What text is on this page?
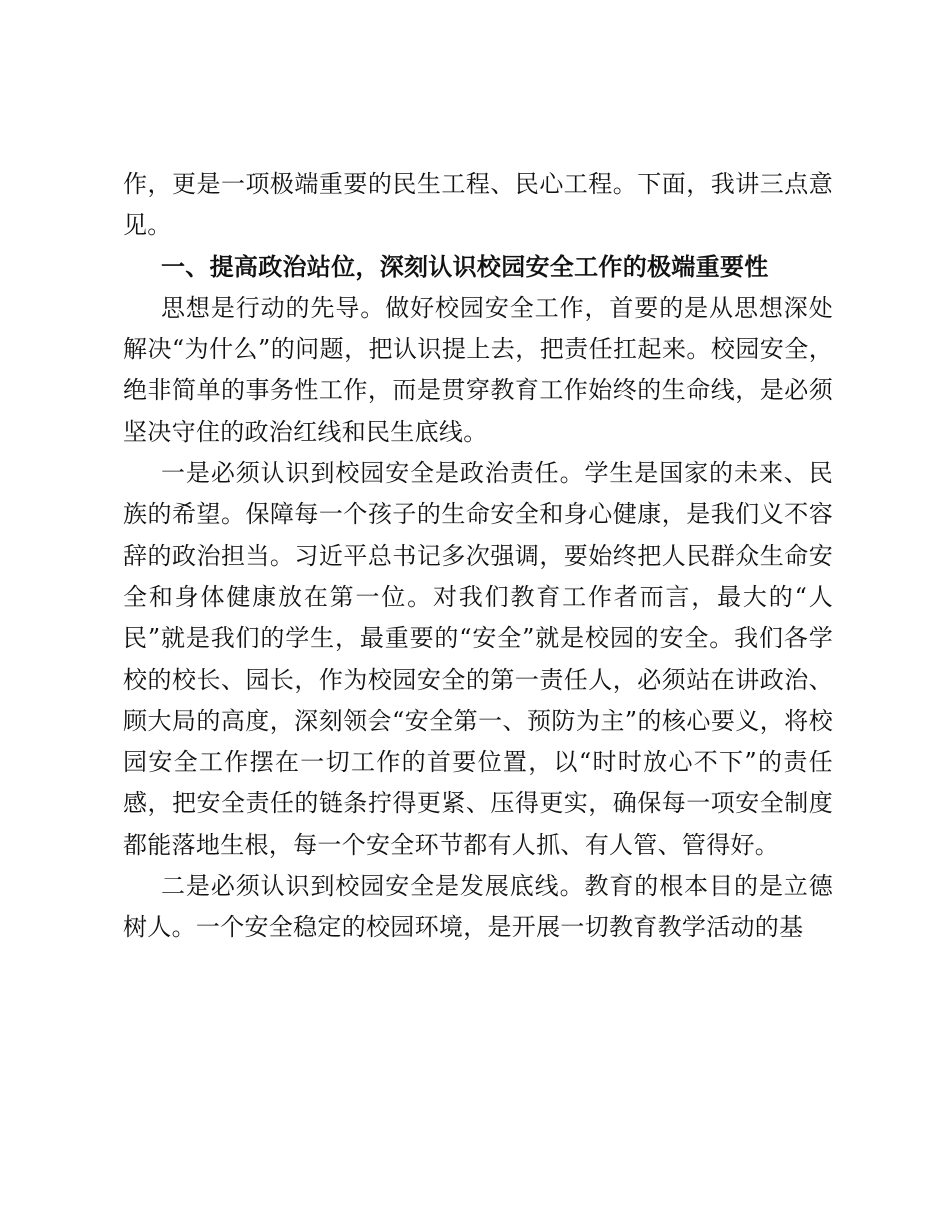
作，更是一项极端重要的民生工程、民心工程。下面，我讲三点意见。

一、提高政治站位，深刻认识校园安全工作的极端重要性

思想是行动的先导。做好校园安全工作，首要的是从思想深处解决“为什么”的问题，把认识提上去，把责任扛起来。校园安全，绝非简单的事务性工作，而是贯穿教育工作始终的生命线，是必须坚决守住的政治红线和民生底线。

一是必须认识到校园安全是政治责任。学生是国家的未来、民族的希望。保障每一个孩子的生命安全和身心健康，是我们义不容辞的政治担当。习近平总书记多次强调，要始终把人民群众生命安全和身体健康放在第一位。对我们教育工作者而言，最大的“人民”就是我们的学生，最重要的“安全”就是校园的安全。我们各学校的校长、园长，作为校园安全的第一责任人，必须站在讲政治、顾大局的高度，深刻领会“安全第一、预防为主”的核心要义，将校园安全工作摆在一切工作的首要位置，以“时时放心不下”的责任感，把安全责任的链条拧得更紧、压得更实，确保每一项安全制度都能落地生根，每一个安全环节都有人抓、有人管、管得好。

二是必须认识到校园安全是发展底线。教育的根本目的是立德树人。一个安全稳定的校园环境，是开展一切教育教学活动的基
